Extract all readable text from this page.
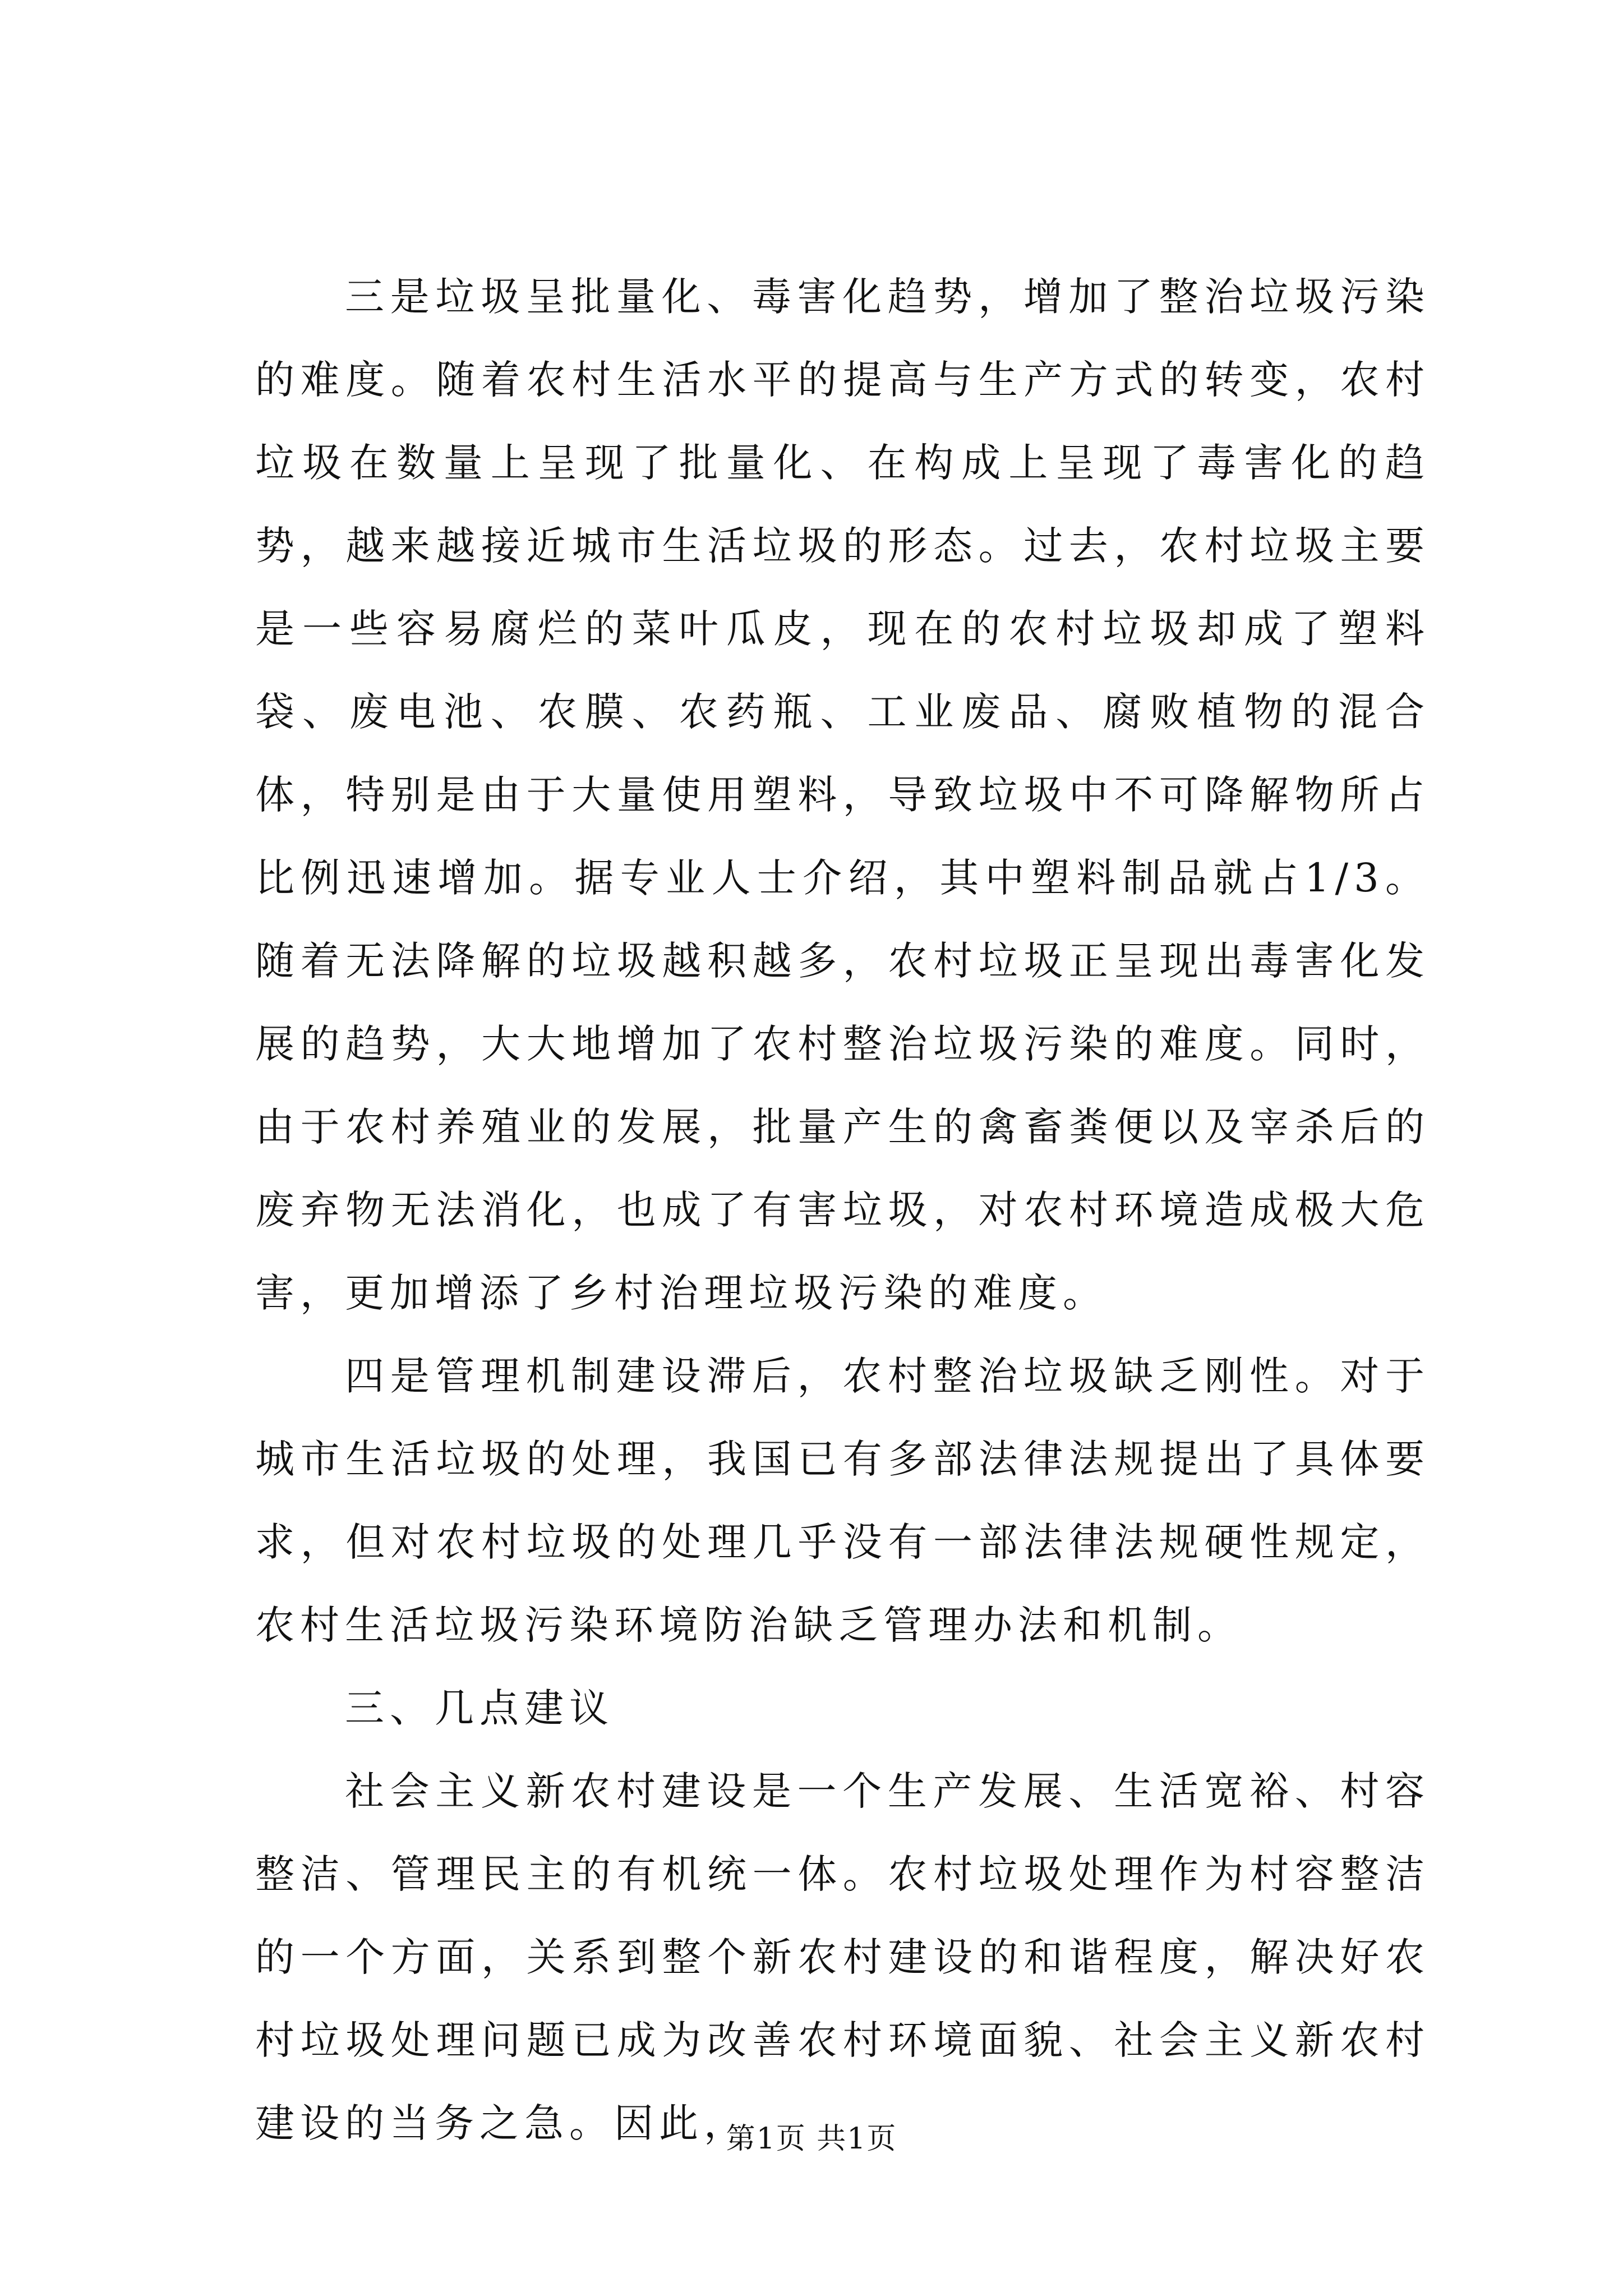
三是垃圾呈批量化、毒害化趋势，增加了整治垃圾污染的难度。随着农村生活水平的提高与生产方式的转变，农村垃圾在数量上呈现了批量化、在构成上呈现了毒害化的趋势，越来越接近城市生活垃圾的形态。过去，农村垃圾主要是一些容易腐烂的菜叶瓜皮，现在的农村垃圾却成了塑料袋、废电池、农膜、农药瓶、工业废品、腐败植物的混合体，特别是由于大量使用塑料，导致垃圾中不可降解物所占比例迅速增加。据专业人士介绍，其中塑料制品就占1/3。随着无法降解的垃圾越积越多，农村垃圾正呈现出毒害化发展的趋势，大大地增加了农村整治垃圾污染的难度。同时，由于农村养殖业的发展，批量产生的禽畜粪便以及宰杀后的废弃物无法消化，也成了有害垃圾，对农村环境造成极大危害，更加增添了乡村治理垃圾污染的难度。

四是管理机制建设滞后，农村整治垃圾缺乏刚性。对于城市生活垃圾的处理，我国已有多部法律法规提出了具体要求，但对农村垃圾的处理几乎没有一部法律法规硬性规定，农村生活垃圾污染环境防治缺乏管理办法和机制。

三、几点建议

社会主义新农村建设是一个生产发展、生活宽裕、村容整洁、管理民主的有机统一体。农村垃圾处理作为村容整洁的一个方面，关系到整个新农村建设的和谐程度，解决好农村垃圾处理问题已成为改善农村环境面貌、社会主义新农村建设的当务之急。因此，

第1页 共1页
